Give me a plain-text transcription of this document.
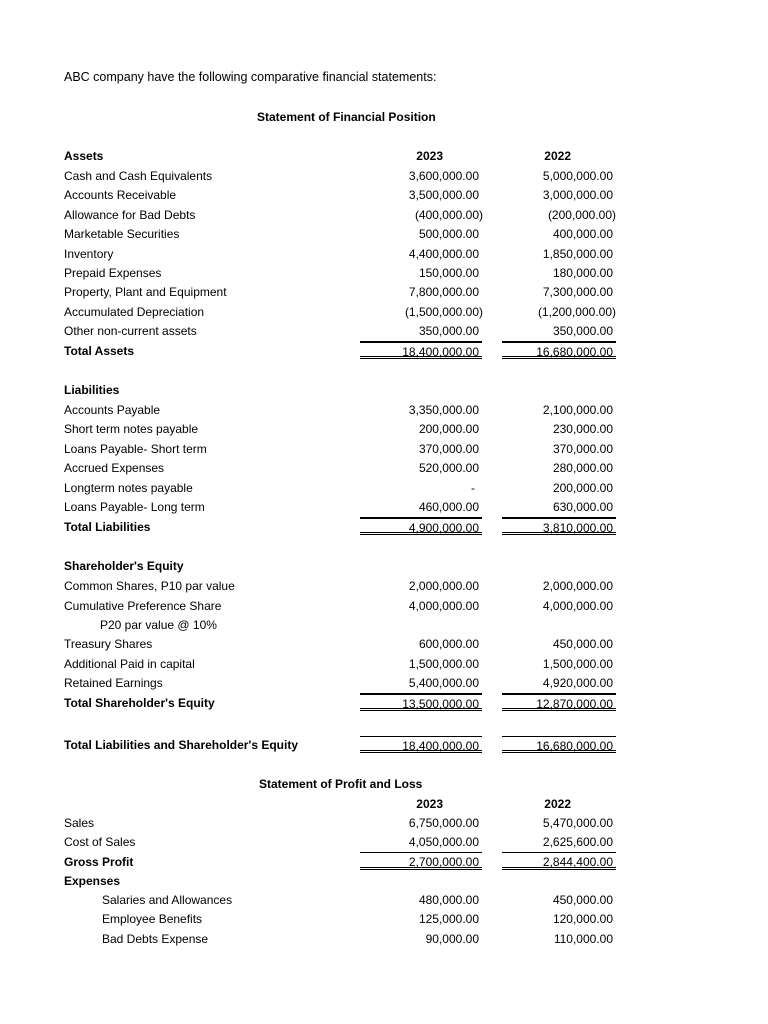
ABC company have the following comparative financial statements:
Statement of Financial Position
Assets	2023	2022
Cash and Cash Equivalents	3,600,000.00	5,000,000.00
Accounts Receivable	3,500,000.00	3,000,000.00
Allowance for Bad Debts	(400,000.00)	(200,000.00)
Marketable Securities	500,000.00	400,000.00
Inventory	4,400,000.00	1,850,000.00
Prepaid Expenses	150,000.00	180,000.00
Property, Plant and Equipment	7,800,000.00	7,300,000.00
Accumulated Depreciation	(1,500,000.00)	(1,200,000.00)
Other non-current assets	350,000.00	350,000.00
Total Assets	18,400,000.00	16,680,000.00
Liabilities
Accounts Payable	3,350,000.00	2,100,000.00
Short term notes payable	200,000.00	230,000.00
Loans Payable- Short term	370,000.00	370,000.00
Accrued Expenses	520,000.00	280,000.00
Longterm notes payable	-	200,000.00
Loans Payable- Long term	460,000.00	630,000.00
Total Liabilities	4,900,000.00	3,810,000.00
Shareholder's Equity
Common Shares, P10 par value	2,000,000.00	2,000,000.00
Cumulative Preference Share	4,000,000.00	4,000,000.00
P20 par value @ 10%
Treasury Shares	600,000.00	450,000.00
Additional Paid in capital	1,500,000.00	1,500,000.00
Retained Earnings	5,400,000.00	4,920,000.00
Total Shareholder's Equity	13,500,000.00	12,870,000.00
Total Liabilities and Shareholder's Equity	18,400,000.00	16,680,000.00
Statement of Profit and Loss
2023	2022
Sales	6,750,000.00	5,470,000.00
Cost of Sales	4,050,000.00	2,625,600.00
Gross Profit	2,700,000.00	2,844,400.00
Expenses
Salaries and Allowances	480,000.00	450,000.00
Employee Benefits	125,000.00	120,000.00
Bad Debts Expense	90,000.00	110,000.00
